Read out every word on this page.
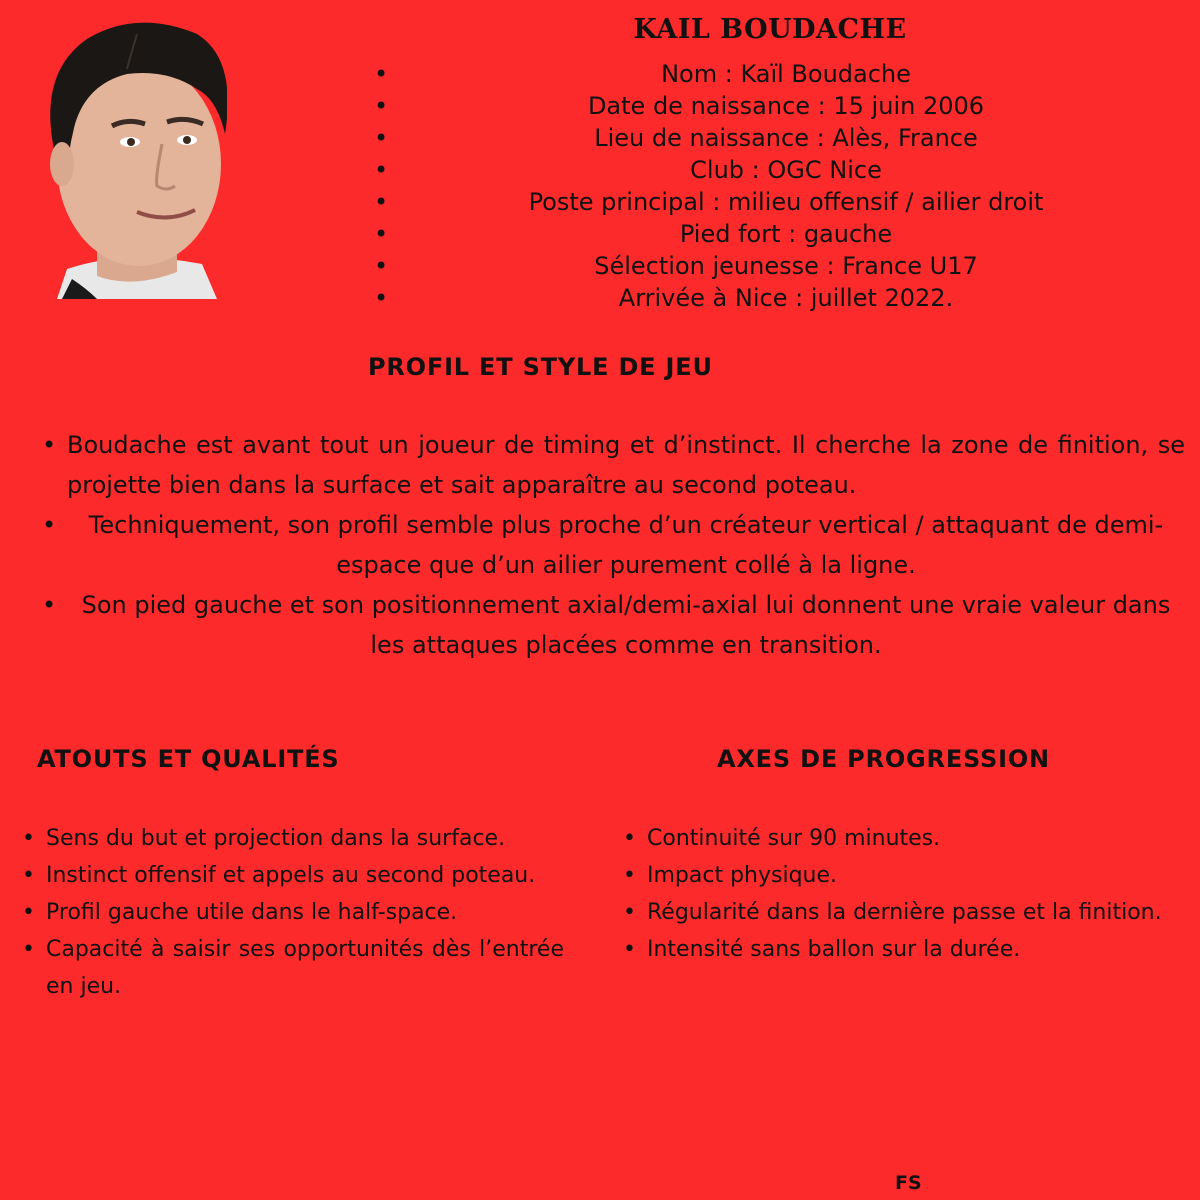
KAIL BOUDACHE
•	Nom : Kaïl Boudache
•	Date de naissance : 15 juin 2006
•	Lieu de naissance : Alès, France
•	Club : OGC Nice
•	Poste principal : milieu offensif / ailier droit
•	Pied fort : gauche
•	Sélection jeunesse : France U17
•	Arrivée à Nice : juillet 2022.
PROFIL ET STYLE DE JEU
• Boudache est avant tout un joueur de timing et d’instinct. Il cherche la zone de finition, se projette bien dans la surface et sait apparaître au second poteau.
• Techniquement, son profil semble plus proche d’un créateur vertical / attaquant de demi-espace que d’un ailier purement collé à la ligne.
• Son pied gauche et son positionnement axial/demi-axial lui donnent une vraie valeur dans les attaques placées comme en transition.
ATOUTS ET QUALITÉS
• Sens du but et projection dans la surface.
• Instinct offensif et appels au second poteau.
• Profil gauche utile dans le half-space.
• Capacité à saisir ses opportunités dès l’entrée en jeu.
AXES DE PROGRESSION
• Continuité sur 90 minutes.
• Impact physique.
• Régularité dans la dernière passe et la finition.
• Intensité sans ballon sur la durée.
FS
